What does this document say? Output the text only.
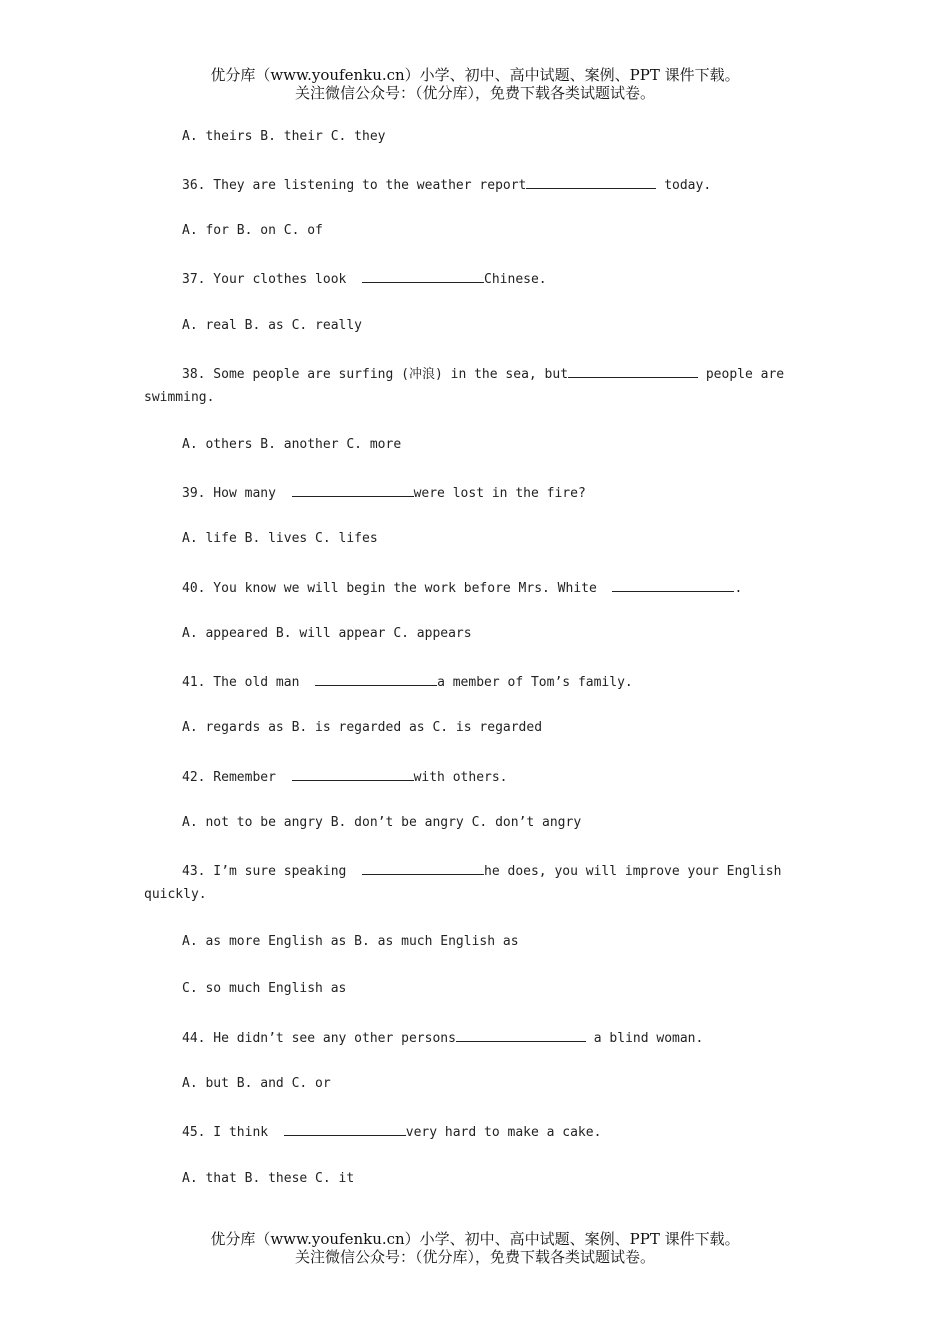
优分库（www.youfenku.cn）小学、初中、高中试题、案例、PPT 课件下载。
关注微信公众号：（优分库），免费下载各类试题试卷。
A. theirs B. their C. they
36. They are listening to the weather report	today.
A. for B. on C. of
37. Your clothes look	Chinese.
A. real B. as C. really
38. Some people are surfing (冲浪) in the sea, but	people are
swimming.
A. others B. another C. more
39. How many	were lost in the fire?
A. life B. lives C. lifes
40. You know we will begin the work before Mrs. White	.
A. appeared B. will appear C. appears
41. The old man	a member of Tom’s family.
A. regards as B. is regarded as C. is regarded
42. Remember	with others.
A. not to be angry B. don’t be angry C. don’t angry
43. I’m sure speaking	he does, you will improve your English
quickly.
A. as more English as B. as much English as
C. so much English as
44. He didn’t see any other persons	a blind woman.
A. but B. and C. or
45. I think	very hard to make a cake.
A. that B. these C. it
优分库（www.youfenku.cn）小学、初中、高中试题、案例、PPT 课件下载。
关注微信公众号：（优分库），免费下载各类试题试卷。
